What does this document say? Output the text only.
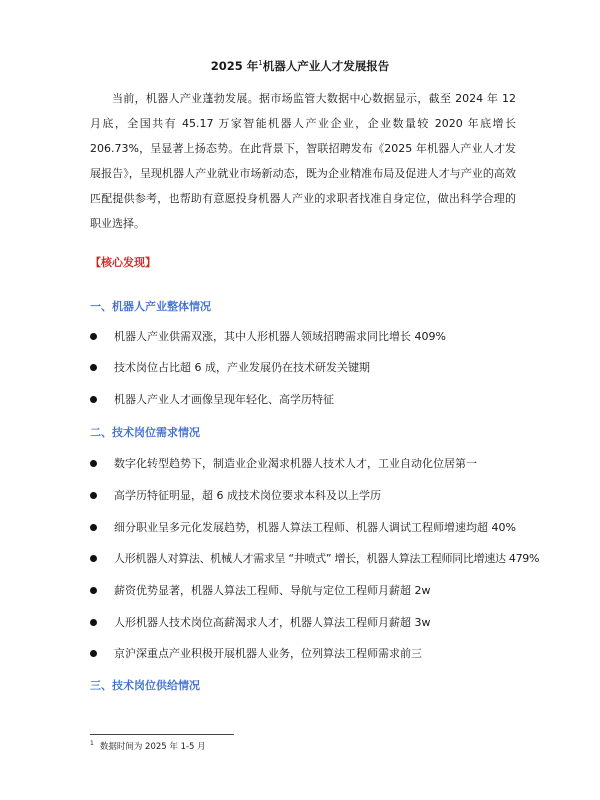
2025 年$^1$机器人产业人才发展报告

当前，机器人产业蓬勃发展。据市场监管大数据中心数据显示，截至 2024 年 12 月底，全国共有 45.17 万家智能机器人产业企业，企业数量较 2020 年底增长 206.73%，呈显著上扬态势。在此背景下，智联招聘发布《2025 年机器人产业人才发展报告》，呈现机器人产业就业市场新动态，既为企业精准布局及促进人才与产业的高效匹配提供参考，也帮助有意愿投身机器人产业的求职者找准自身定位，做出科学合理的职业选择。

【核心发现】
一、机器人产业整体情况
机器人产业供需双涨，其中人形机器人领域招聘需求同比增长 409%
技术岗位占比超 6 成，产业发展仍在技术研发关键期
机器人产业人才画像呈现年轻化、高学历特征
二、技术岗位需求情况
数字化转型趋势下，制造业企业渴求机器人技术人才，工业自动化位居第一
高学历特征明显，超 6 成技术岗位要求本科及以上学历
细分职业呈多元化发展趋势，机器人算法工程师、机器人调试工程师增速均超 40%
人形机器人对算法、机械人才需求呈 “井喷式” 增长，机器人算法工程师同比增速达 479%
薪资优势显著，机器人算法工程师、导航与定位工程师月薪超 2w
人形机器人技术岗位高薪渴求人才，机器人算法工程师月薪超 3w
京沪深重点产业积极开展机器人业务，位列算法工程师需求前三
三、技术岗位供给情况
$^1$ 数据时间为 2025 年 1-5 月
